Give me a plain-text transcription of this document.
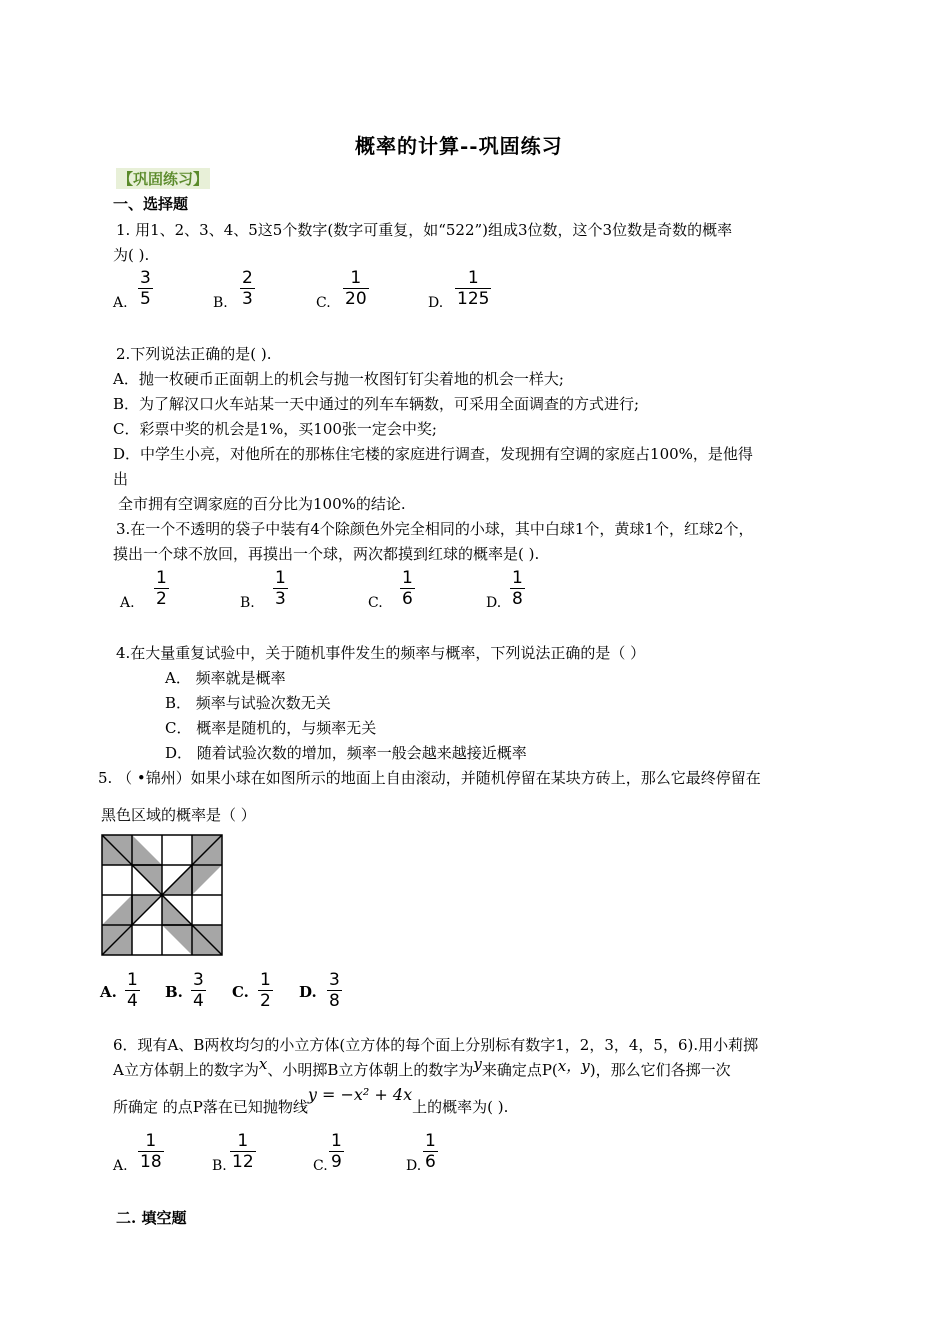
概率的计算--巩固练习
【巩固练习】
一、选择题
1. 用1、2、3、4、5这5个数字(数字可重复，如“522”)组成3位数，这个3位数是奇数的概率
为( ).
A.
3
5	B.
2
3	C.
1
20	D.
1
125
2.下列说法正确的是( ).
A．抛一枚硬币正面朝上的机会与抛一枚图钉钉尖着地的机会一样大;
B．为了解汉口火车站某一天中通过的列车车辆数，可采用全面调查的方式进行;
C．彩票中奖的机会是1%，买100张一定会中奖;
D．中学生小亮，对他所在的那栋住宅楼的家庭进行调查，发现拥有空调的家庭占100%，是他得
出
全市拥有空调家庭的百分比为100%的结论.
3.在一个不透明的袋子中装有4个除颜色外完全相同的小球，其中白球1个，黄球1个，红球2个，
摸出一个球不放回，再摸出一个球，两次都摸到红球的概率是( ).
A.
1
2	B.
1
3	C.
1
6	D.
1
8
4.在大量重复试验中，关于随机事件发生的频率与概率，下列说法正确的是（ ）
A． 频率就是概率
B． 频率与试验次数无关
C． 概率是随机的，与频率无关
D． 随着试验次数的增加，频率一般会越来越接近概率
5. （ •锦州）如果小球在如图所示的地面上自由滚动，并随机停留在某块方砖上，那么它最终停留在
黑色区域的概率是（ ）
A.
1
4 B.
3
4 C.
1
2 D.
3
8
6．现有A、B两枚均匀的小立方体(立方体的每个面上分别标有数字1，2，3，4，5，6).用小莉掷
A立方体朝上的数字为x、小明掷B立方体朝上的数字为y来确定点P(x，y)，那么它们各掷一次
所确定 的点P落在已知抛物线y = −x² + 4x上的概率为( ).
A.
1
18	B.
1
12	C.
1
9	D.
1
6
二. 填空题
